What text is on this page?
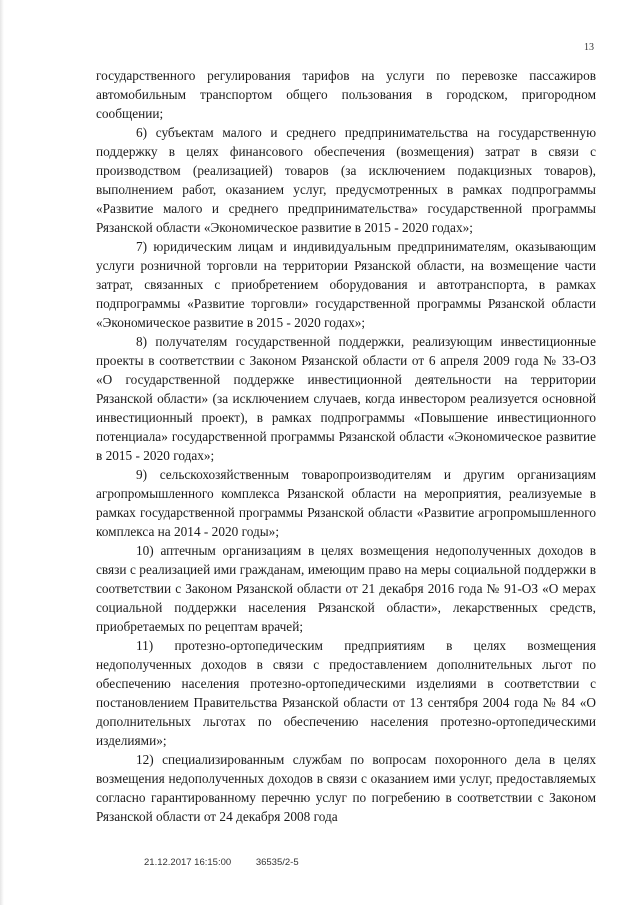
13

государственного регулирования тарифов на услуги по перевозке пассажиров автомобильным транспортом общего пользования в городском, пригородном сообщении;

6) субъектам малого и среднего предпринимательства на государственную поддержку в целях финансового обеспечения (возмещения) затрат в связи с производством (реализацией) товаров (за исключением подакцизных товаров), выполнением работ, оказанием услуг, предусмотренных в рамках подпрограммы «Развитие малого и среднего предпринимательства» государственной программы Рязанской области «Экономическое развитие в 2015 - 2020 годах»;

7) юридическим лицам и индивидуальным предпринимателям, оказывающим услуги розничной торговли на территории Рязанской области, на возмещение части затрат, связанных с приобретением оборудования и автотранспорта, в рамках подпрограммы «Развитие торговли» государственной программы Рязанской области «Экономическое развитие в 2015 - 2020 годах»;

8) получателям государственной поддержки, реализующим инвестиционные проекты в соответствии с Законом Рязанской области от 6 апреля 2009 года № 33-ОЗ «О государственной поддержке инвестиционной деятельности на территории Рязанской области» (за исключением случаев, когда инвестором реализуется основной инвестиционный проект), в рамках подпрограммы «Повышение инвестиционного потенциала» государственной программы Рязанской области «Экономическое развитие в 2015 - 2020 годах»;

9) сельскохозяйственным товаропроизводителям и другим организациям агропромышленного комплекса Рязанской области на мероприятия, реализуемые в рамках государственной программы Рязанской области «Развитие агропромышленного комплекса на 2014 - 2020 годы»;

10) аптечным организациям в целях возмещения недополученных доходов в связи с реализацией ими гражданам, имеющим право на меры социальной поддержки в соответствии с Законом Рязанской области от 21 декабря 2016 года № 91-ОЗ «О мерах социальной поддержки населения Рязанской области», лекарственных средств, приобретаемых по рецептам врачей;

11) протезно-ортопедическим предприятиям в целях возмещения недополученных доходов в связи с предоставлением дополнительных льгот по обеспечению населения протезно-ортопедическими изделиями в соответствии с постановлением Правительства Рязанской области от 13 сентября 2004 года № 84 «О дополнительных льготах по обеспечению населения протезно-ортопедическими изделиями»;

12) специализированным службам по вопросам похоронного дела в целях возмещения недополученных доходов в связи с оказанием ими услуг, предоставляемых согласно гарантированному перечню услуг по погребению в соответствии с Законом Рязанской области от 24 декабря 2008 года

21.12.2017 16:15:00	36535/2-5
